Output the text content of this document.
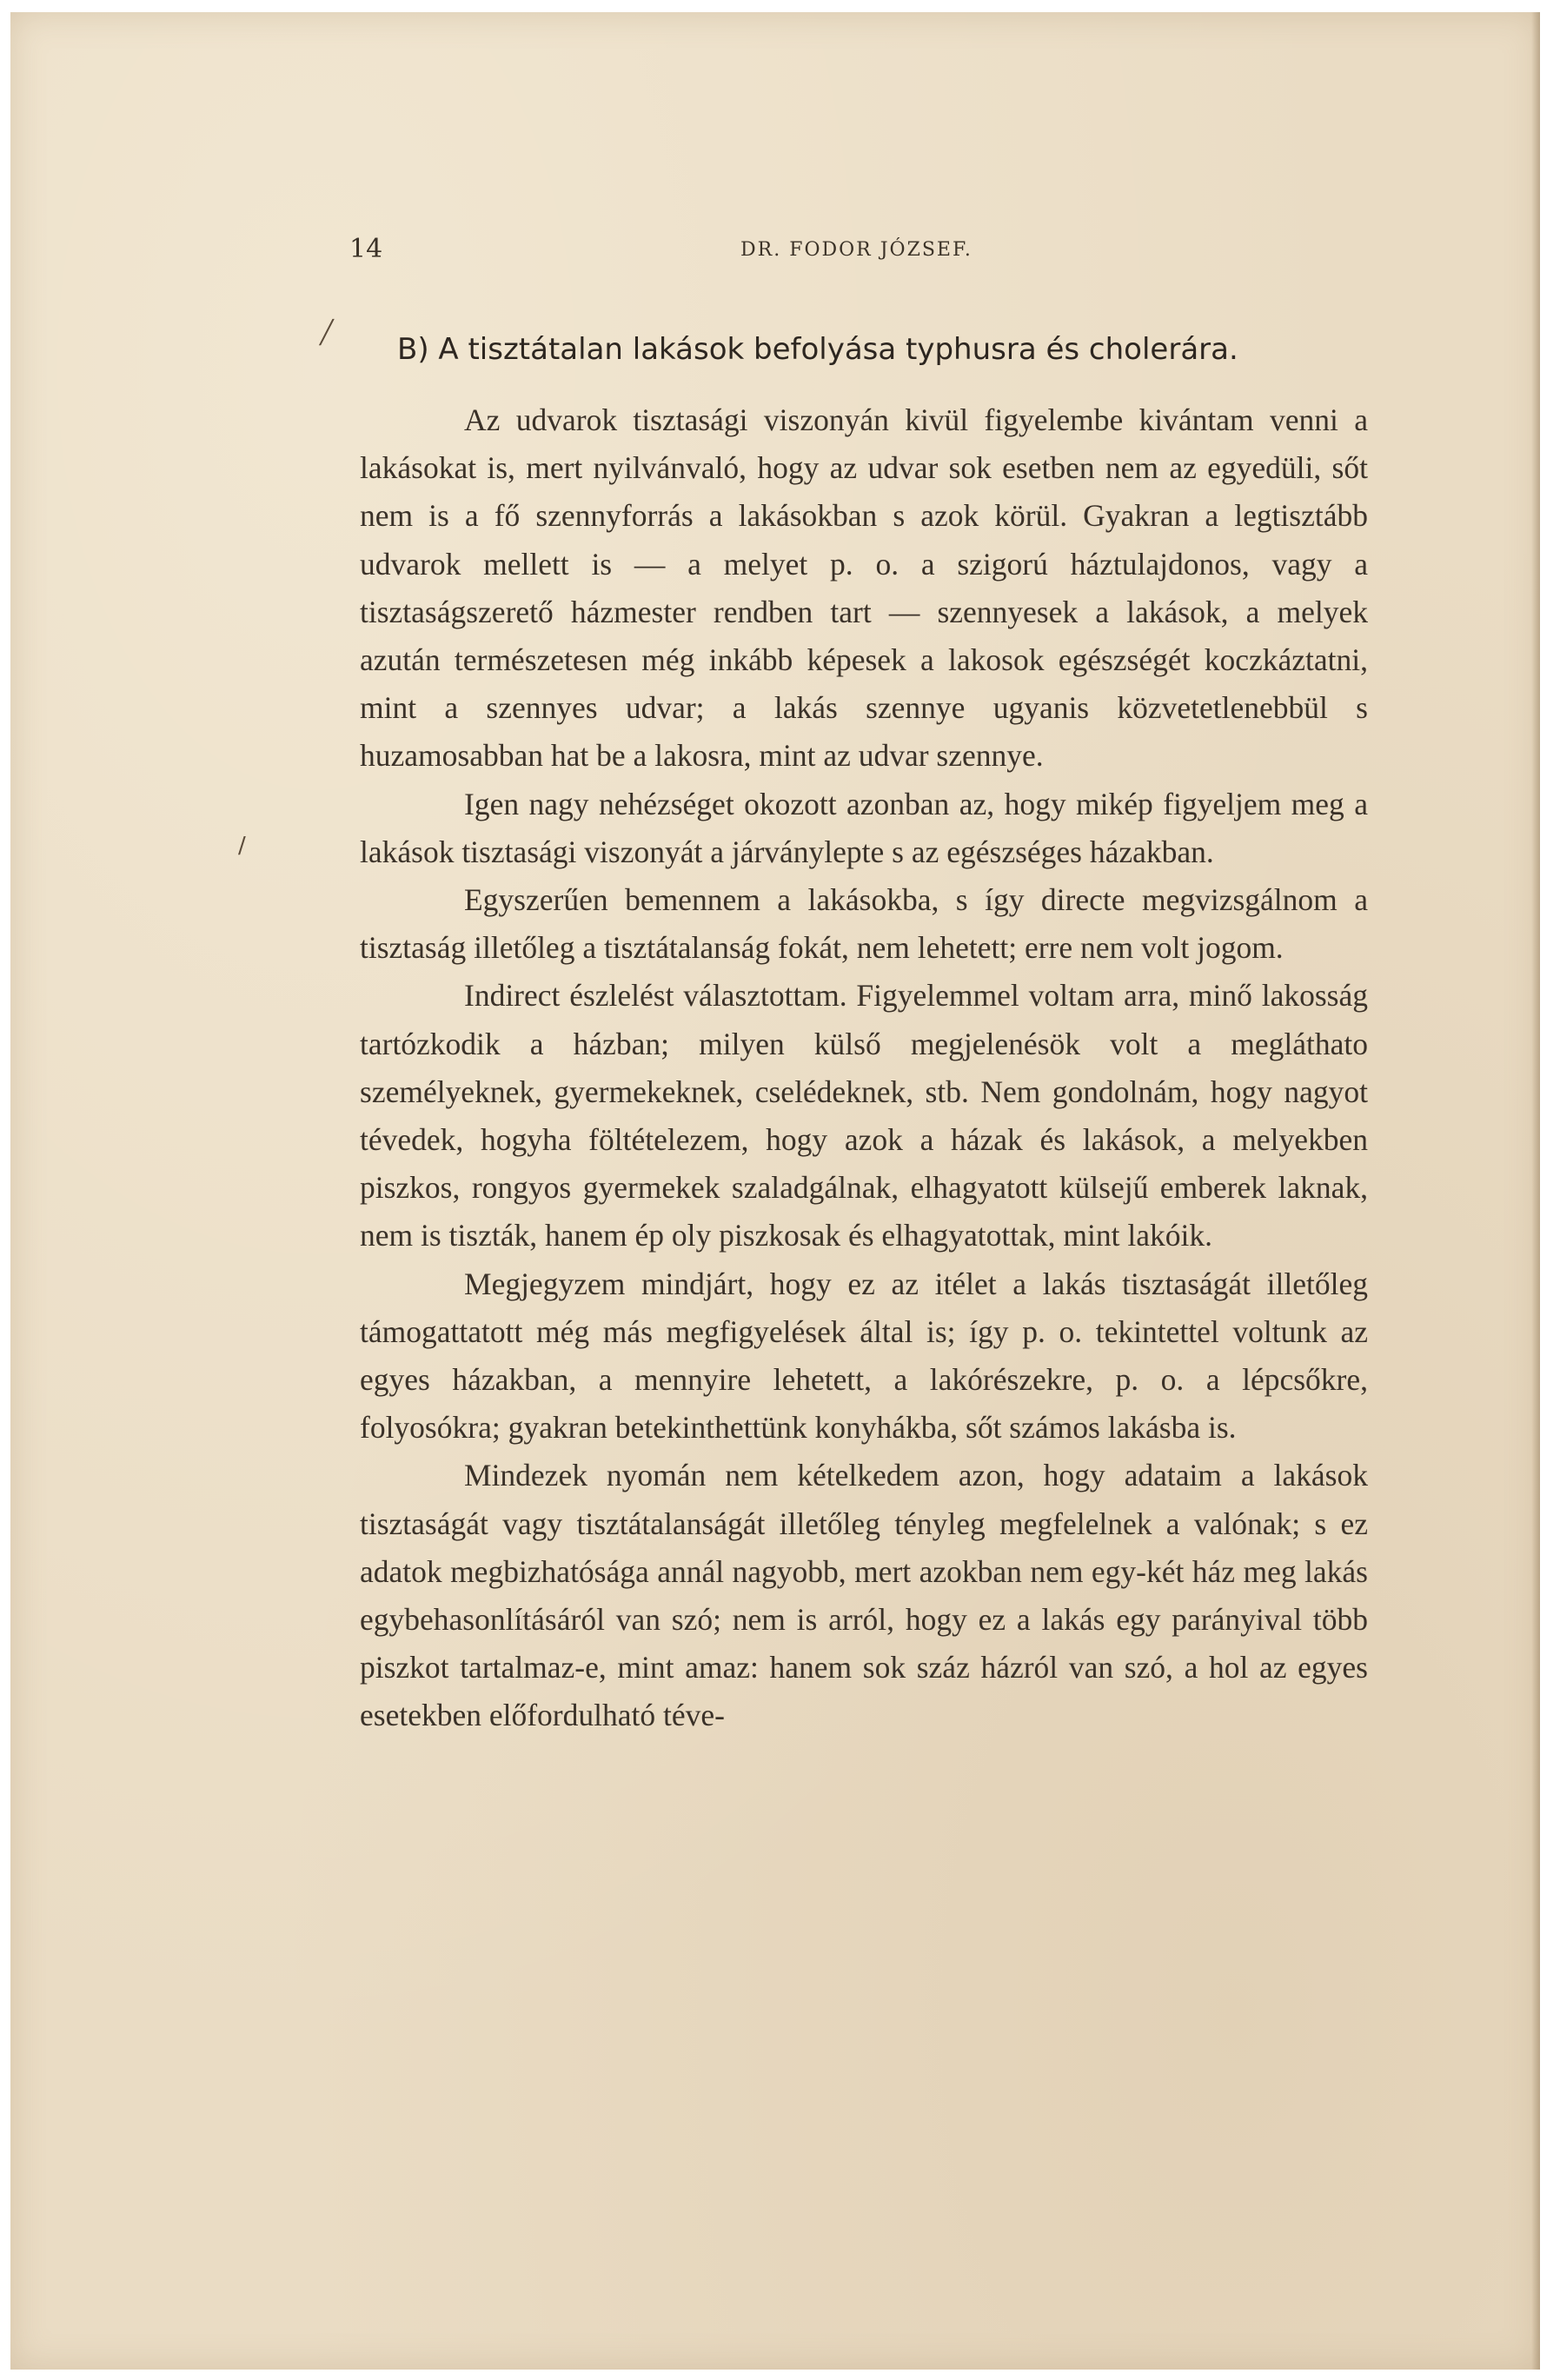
14	DR. FODOR JÓZSEF.
B) A tisztátalan lakások befolyása typhusra és cholerára.

Az udvarok tisztasági viszonyán kivül figyelembe kivántam venni a lakásokat is, mert nyilvánvaló, hogy az udvar sok esetben nem az egyedüli, sőt nem is a fő szennyforrás a lakásokban s azok körül. Gyakran a legtisztább udvarok mellett is — a melyet p. o. a szigorú háztulajdonos, vagy a tisztaságszerető házmester rendben tart — szennyesek a lakások, a melyek azután természetesen még inkább képesek a lakosok egészségét koczkáztatni, mint a szennyes udvar; a lakás szennye ugyanis közvetetlenebbül s huzamosabban hat be a lakosra, mint az udvar szennye.

Igen nagy nehézséget okozott azonban az, hogy mikép figyeljem meg a lakások tisztasági viszonyát a járványlepte s az egészséges házakban.

Egyszerűen bemennem a lakásokba, s így directe megvizsgálnom a tisztaság illetőleg a tisztátalanság fokát, nem lehetett; erre nem volt jogom.

Indirect észlelést választottam. Figyelemmel voltam arra, minő lakosság tartózkodik a házban; milyen külső megjelenésök volt a megláthato személyeknek, gyermekeknek, cselédeknek, stb. Nem gondolnám, hogy nagyot tévedek, hogyha föltételezem, hogy azok a házak és lakások, a melyekben piszkos, rongyos gyermekek szaladgálnak, elhagyatott külsejű emberek laknak, nem is tiszták, hanem ép oly piszkosak és elhagyatottak, mint lakóik.

Megjegyzem mindjárt, hogy ez az itélet a lakás tisztaságát illetőleg támogattatott még más megfigyelések által is; így p. o. tekintettel voltunk az egyes házakban, a mennyire lehetett, a lakórészekre, p. o. a lépcsőkre, folyosókra; gyakran betekinthettünk konyhákba, sőt számos lakásba is.

Mindezek nyomán nem kételkedem azon, hogy adataim a lakások tisztaságát vagy tisztátalanságát illetőleg tényleg megfelelnek a valónak; s ez adatok megbizhatósága annál nagyobb, mert azokban nem egy-két ház meg lakás egybehasonlításáról van szó; nem is arról, hogy ez a lakás egy parányival több piszkot tartalmaz-e, mint amaz: hanem sok száz házról van szó, a hol az egyes esetekben előfordulható téve-

╱
/
